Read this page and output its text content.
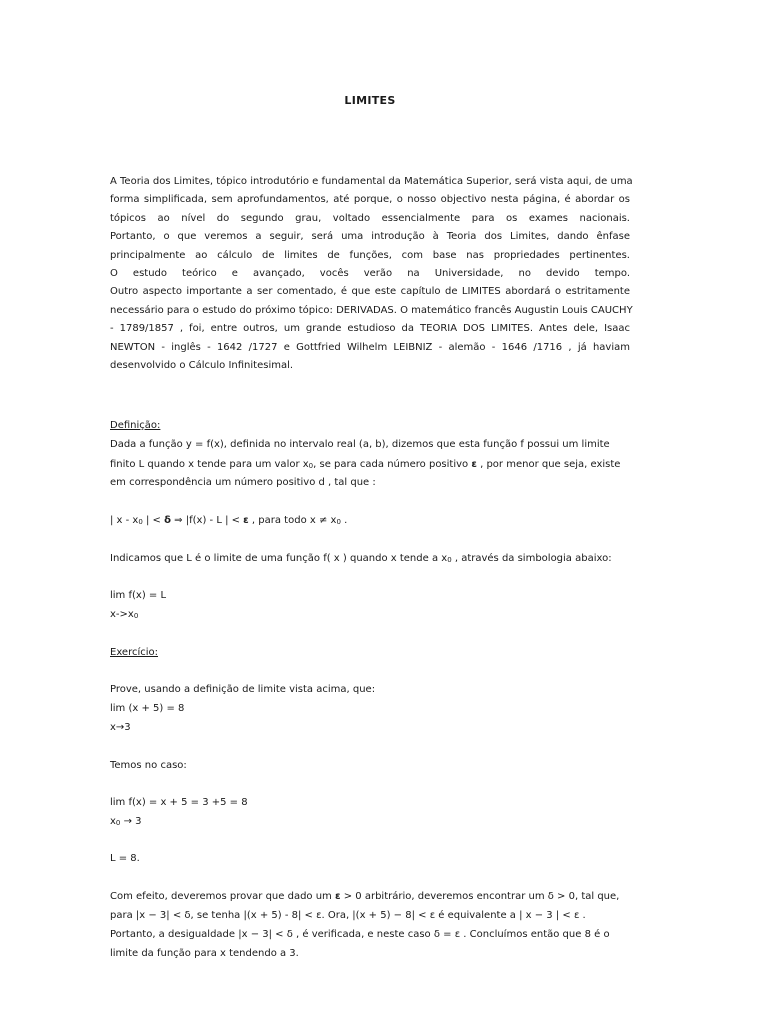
LIMITES
A Teoria dos Limites, tópico introdutório e fundamental da Matemática Superior, será vista aqui, de uma
forma simplificada, sem aprofundamentos, até porque, o nosso objectivo nesta página, é abordar os
tópicos ao nível do segundo grau, voltado essencialmente para os exames nacionais.
Portanto, o que veremos a seguir, será uma introdução à Teoria dos Limites, dando ênfase
principalmente ao cálculo de limites de funções, com base nas propriedades pertinentes.
O estudo teórico e avançado, vocês verão na Universidade, no devido tempo.
Outro aspecto importante a ser comentado, é que este capítulo de LIMITES abordará o estritamente
necessário para o estudo do próximo tópico: DERIVADAS. O matemático francês Augustin Louis CAUCHY
- 1789/1857 , foi, entre outros, um grande estudioso da TEORIA DOS LIMITES. Antes dele, Isaac
NEWTON - inglês - 1642 /1727 e Gottfried Wilhelm LEIBNIZ - alemão - 1646 /1716 , já haviam
desenvolvido o Cálculo Infinitesimal.
Definição:
Dada a função y = f(x), definida no intervalo real (a, b), dizemos que esta função f possui um limite
finito L quando x tende para um valor $x_0$, se para cada número positivo ε , por menor que seja, existe
em correspondência um número positivo d , tal que :
| x - $x_0$ | < δ ⇒ |f(x) - L | < ε , para todo $x \ne x_0$ .
Indicamos que L é o limite de uma função f( x ) quando x tende a $x_0$ , através da simbologia abaixo:
lim f(x) = L
$x->x_0$
Exercício:
Prove, usando a definição de limite vista acima, que:
lim (x + 5) = 8
x→3
Temos no caso:
lim f(x) = x + 5 = 3 +5 = 8
$x_0 \to 3$
L = 8.
Com efeito, deveremos provar que dado um ε > 0 arbitrário, deveremos encontrar um δ > 0, tal que,
para |x − 3| < δ, se tenha |(x + 5) - 8| < ε. Ora, |(x + 5) − 8| < ε é equivalente a | x − 3 | < ε .
Portanto, a desigualdade |x − 3| < δ , é verificada, e neste caso δ = ε . Concluímos então que 8 é o
limite da função para x tendendo a 3.
